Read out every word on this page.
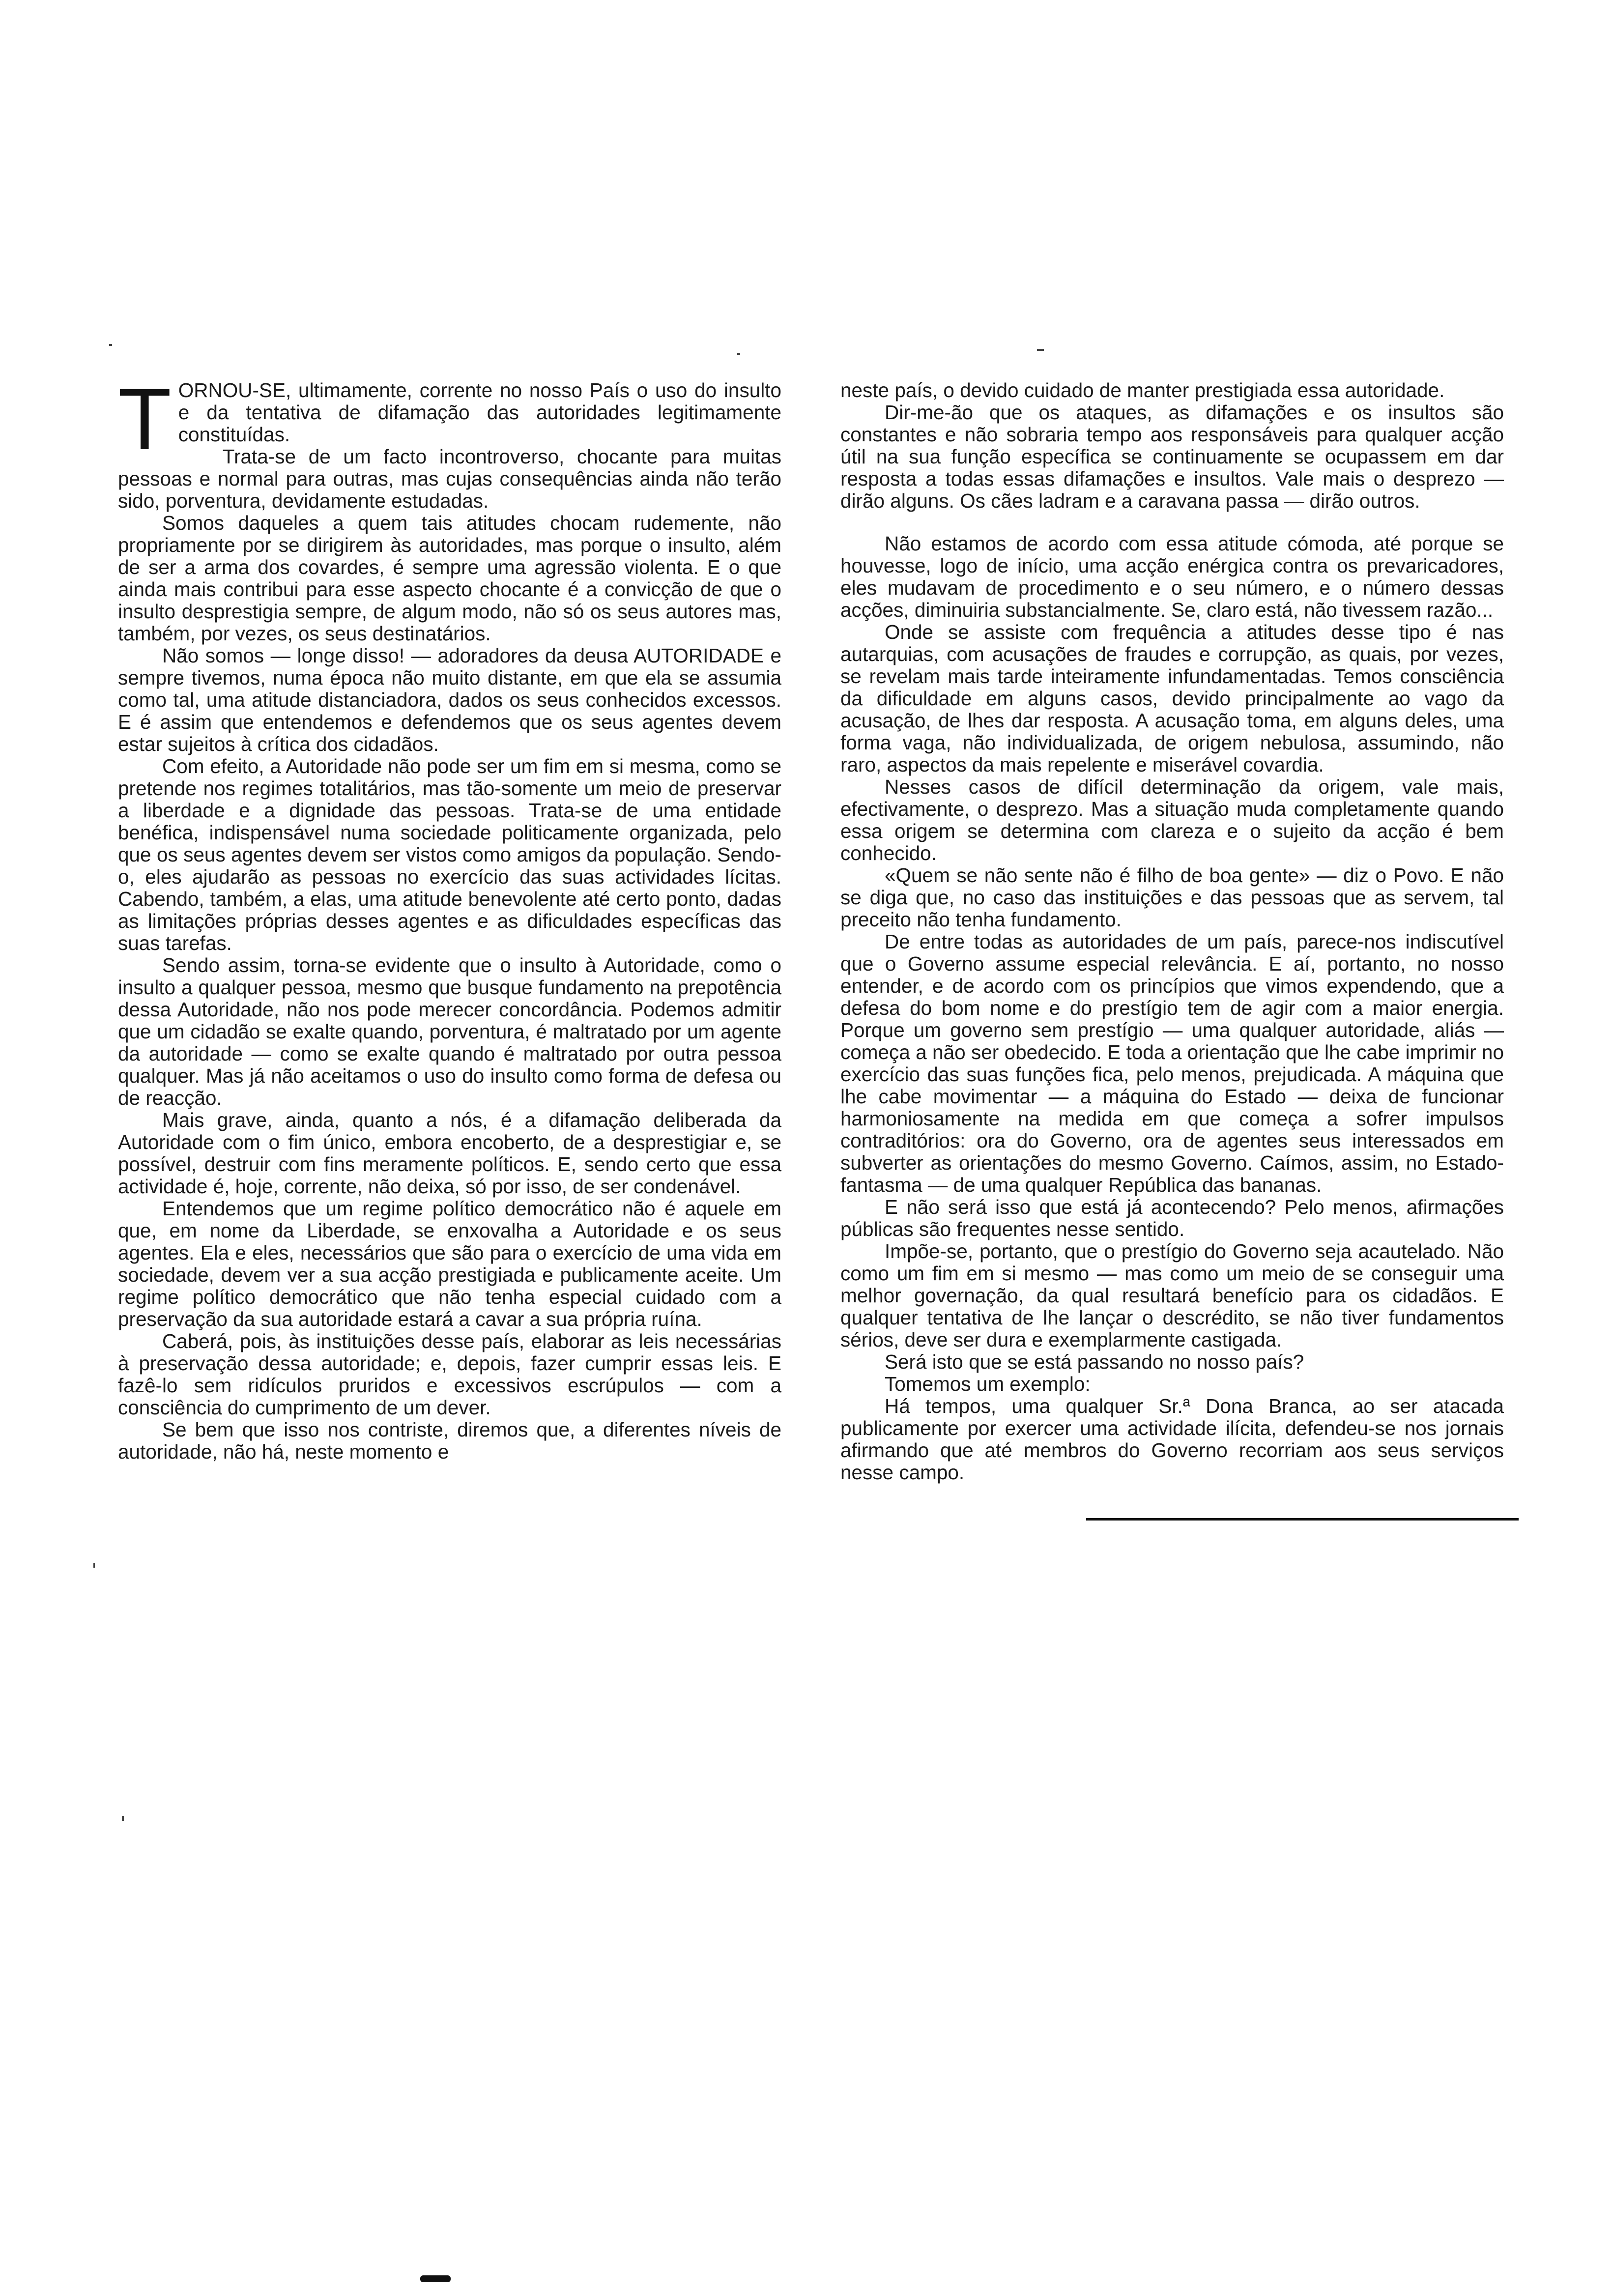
TORNOU-SE, ultimamente, corrente no nosso País o uso do insulto e da tentativa de difamação das autoridades legitimamente constituídas.

Trata-se de um facto incontroverso, chocante para muitas pessoas e normal para outras, mas cujas consequências ainda não terão sido, porventura, devidamente estudadas.

Somos daqueles a quem tais atitudes chocam rudemente, não propriamente por se dirigirem às autoridades, mas porque o insulto, além de ser a arma dos covardes, é sempre uma agressão violenta. E o que ainda mais contribui para esse aspecto chocante é a convicção de que o insulto desprestigia sempre, de algum modo, não só os seus autores mas, também, por vezes, os seus destinatários.

Não somos — longe disso! — adoradores da deusa AUTORIDADE e sempre tivemos, numa época não muito distante, em que ela se assumia como tal, uma atitude distanciadora, dados os seus conhecidos excessos. E é assim que entendemos e defendemos que os seus agentes devem estar sujeitos à crítica dos cidadãos.

Com efeito, a Autoridade não pode ser um fim em si mesma, como se pretende nos regimes totalitários, mas tão-somente um meio de preservar a liberdade e a dignidade das pessoas. Trata-se de uma entidade benéfica, indispensável numa sociedade politicamente organizada, pelo que os seus agentes devem ser vistos como amigos da população. Sendo-o, eles ajudarão as pessoas no exercício das suas actividades lícitas. Cabendo, também, a elas, uma atitude benevolente até certo ponto, dadas as limitações próprias desses agentes e as dificuldades específicas das suas tarefas.

Sendo assim, torna-se evidente que o insulto à Autoridade, como o insulto a qualquer pessoa, mesmo que busque fundamento na prepotência dessa Autoridade, não nos pode merecer concordância. Podemos admitir que um cidadão se exalte quando, porventura, é maltratado por um agente da autoridade — como se exalte quando é maltratado por outra pessoa qualquer. Mas já não aceitamos o uso do insulto como forma de defesa ou de reacção.

Mais grave, ainda, quanto a nós, é a difamação deliberada da Autoridade com o fim único, embora encoberto, de a desprestigiar e, se possível, destruir com fins meramente políticos. E, sendo certo que essa actividade é, hoje, corrente, não deixa, só por isso, de ser condenável.

Entendemos que um regime político democrático não é aquele em que, em nome da Liberdade, se enxovalha a Autoridade e os seus agentes. Ela e eles, necessários que são para o exercício de uma vida em sociedade, devem ver a sua acção prestigiada e publicamente aceite. Um regime político democrático que não tenha especial cuidado com a preservação da sua autoridade estará a cavar a sua própria ruína.

Caberá, pois, às instituições desse país, elaborar as leis necessárias à preservação dessa autoridade; e, depois, fazer cumprir essas leis. E fazê-lo sem ridículos pruridos e excessivos escrúpulos — com a consciência do cumprimento de um dever.

Se bem que isso nos contriste, diremos que, a diferentes níveis de autoridade, não há, neste momento e

neste país, o devido cuidado de manter prestigiada essa autoridade.

Dir-me-ão que os ataques, as difamações e os insultos são constantes e não sobraria tempo aos responsáveis para qualquer acção útil na sua função específica se continuamente se ocupassem em dar resposta a todas essas difamações e insultos. Vale mais o desprezo — dirão alguns. Os cães ladram e a caravana passa — dirão outros.

Não estamos de acordo com essa atitude cómoda, até porque se houvesse, logo de início, uma acção enérgica contra os prevaricadores, eles mudavam de procedimento e o seu número, e o número dessas acções, diminuiria substancialmente. Se, claro está, não tivessem razão...

Onde se assiste com frequência a atitudes desse tipo é nas autarquias, com acusações de fraudes e corrupção, as quais, por vezes, se revelam mais tarde inteiramente infundamentadas. Temos consciência da dificuldade em alguns casos, devido principalmente ao vago da acusação, de lhes dar resposta. A acusação toma, em alguns deles, uma forma vaga, não individualizada, de origem nebulosa, assumindo, não raro, aspectos da mais repelente e miserável covardia.

Nesses casos de difícil determinação da origem, vale mais, efectivamente, o desprezo. Mas a situação muda completamente quando essa origem se determina com clareza e o sujeito da acção é bem conhecido.

«Quem se não sente não é filho de boa gente» — diz o Povo. E não se diga que, no caso das instituições e das pessoas que as servem, tal preceito não tenha fundamento.

De entre todas as autoridades de um país, parece-nos indiscutível que o Governo assume especial relevância. E aí, portanto, no nosso entender, e de acordo com os princípios que vimos expendendo, que a defesa do bom nome e do prestígio tem de agir com a maior energia. Porque um governo sem prestígio — uma qualquer autoridade, aliás — começa a não ser obedecido. E toda a orientação que lhe cabe imprimir no exercício das suas funções fica, pelo menos, prejudicada. A máquina que lhe cabe movimentar — a máquina do Estado — deixa de funcionar harmoniosamente na medida em que começa a sofrer impulsos contraditórios: ora do Governo, ora de agentes seus interessados em subverter as orientações do mesmo Governo. Caímos, assim, no Estado-fantasma — de uma qualquer República das bananas.

E não será isso que está já acontecendo? Pelo menos, afirmações públicas são frequentes nesse sentido.

Impõe-se, portanto, que o prestígio do Governo seja acautelado. Não como um fim em si mesmo — mas como um meio de se conseguir uma melhor governação, da qual resultará benefício para os cidadãos. E qualquer tentativa de lhe lançar o descrédito, se não tiver fundamentos sérios, deve ser dura e exemplarmente castigada.

Será isto que se está passando no nosso país?

Tomemos um exemplo:

Há tempos, uma qualquer Sr.ª Dona Branca, ao ser atacada publicamente por exercer uma actividade ilícita, defendeu-se nos jornais afirmando que até membros do Governo recorriam aos seus serviços nesse campo.
